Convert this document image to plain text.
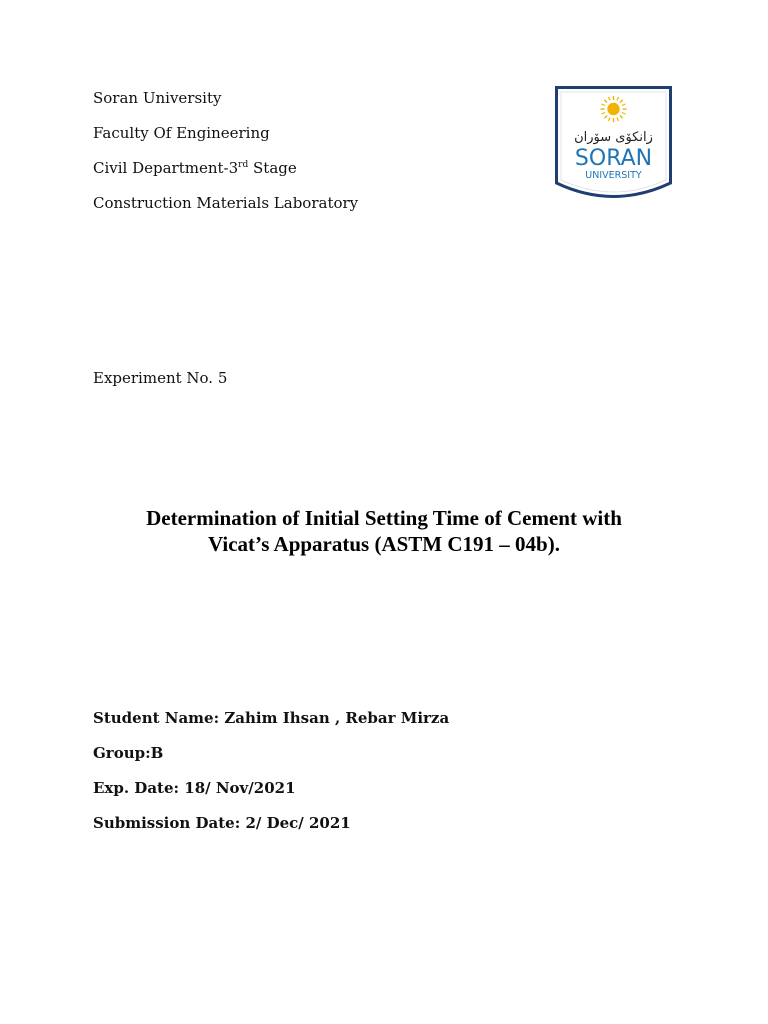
Soran University
Faculty Of Engineering
Civil Department-3rd Stage
Construction Materials Laboratory
زانكۆی سۆران
SORAN
UNIVERSITY
Experiment No. 5
Determination of Initial Setting Time of Cement with
Vicat’s Apparatus (ASTM C191 – 04b).
Student Name: Zahim Ihsan , Rebar Mirza
Group:B
Exp. Date: 18/ Nov/2021
Submission Date: 2/ Dec/ 2021
